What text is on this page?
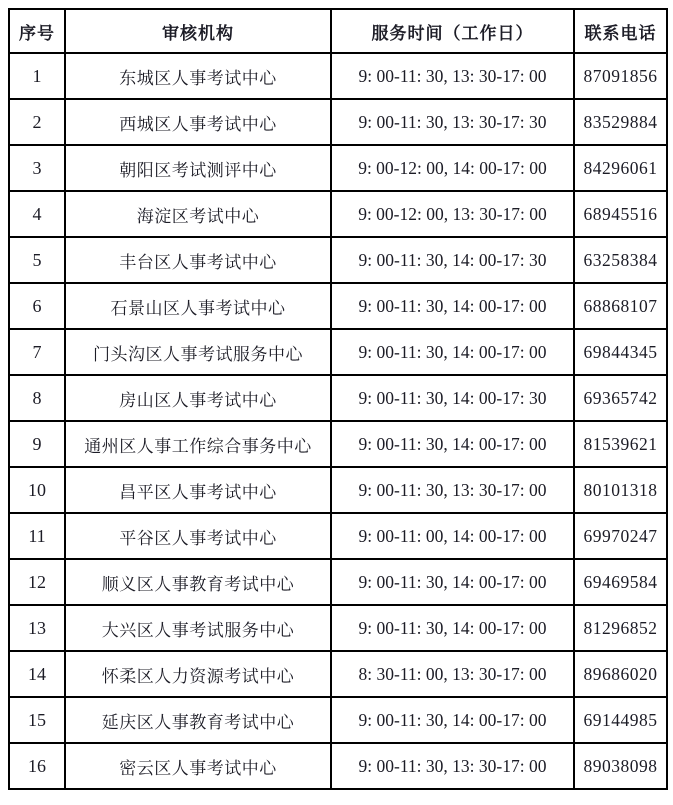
序号	审核机构	服务时间（工作日）	联系电话
1	东城区人事考试中心	9: 00-11: 30, 13: 30-17: 00	87091856
2	西城区人事考试中心	9: 00-11: 30, 13: 30-17: 30	83529884
3	朝阳区考试测评中心	9: 00-12: 00, 14: 00-17: 00	84296061
4	海淀区考试中心	9: 00-12: 00, 13: 30-17: 00	68945516
5	丰台区人事考试中心	9: 00-11: 30, 14: 00-17: 30	63258384
6	石景山区人事考试中心	9: 00-11: 30, 14: 00-17: 00	68868107
7	门头沟区人事考试服务中心	9: 00-11: 30, 14: 00-17: 00	69844345
8	房山区人事考试中心	9: 00-11: 30, 14: 00-17: 30	69365742
9	通州区人事工作综合事务中心	9: 00-11: 30, 14: 00-17: 00	81539621
10	昌平区人事考试中心	9: 00-11: 30, 13: 30-17: 00	80101318
11	平谷区人事考试中心	9: 00-11: 00, 14: 00-17: 00	69970247
12	顺义区人事教育考试中心	9: 00-11: 30, 14: 00-17: 00	69469584
13	大兴区人事考试服务中心	9: 00-11: 30, 14: 00-17: 00	81296852
14	怀柔区人力资源考试中心	8: 30-11: 00, 13: 30-17: 00	89686020
15	延庆区人事教育考试中心	9: 00-11: 30, 14: 00-17: 00	69144985
16	密云区人事考试中心	9: 00-11: 30, 13: 30-17: 00	89038098
